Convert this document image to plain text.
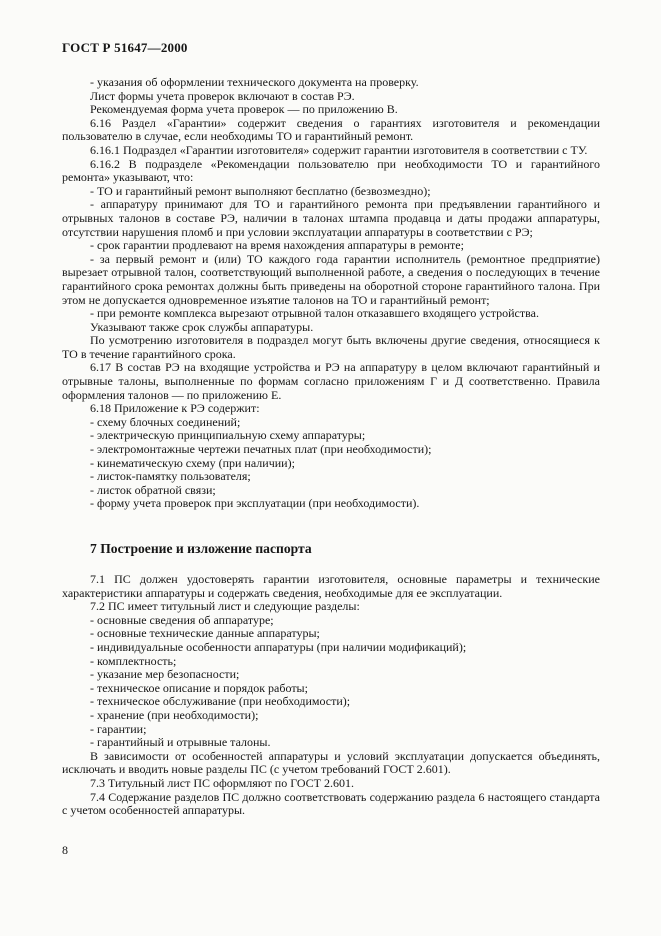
ГОСТ Р 51647—2000

- указания об оформлении технического документа на проверку.

Лист формы учета проверок включают в состав РЭ.

Рекомендуемая форма учета проверок — по приложению В.

6.16 Раздел «Гарантии» содержит сведения о гарантиях изготовителя и рекомендации пользователю в случае, если необходимы ТО и гарантийный ремонт.

6.16.1 Подраздел «Гарантии изготовителя» содержит гарантии изготовителя в соответствии с ТУ.

6.16.2 В подразделе «Рекомендации пользователю при необходимости ТО и гарантийного ремонта» указывают, что:

- ТО и гарантийный ремонт выполняют бесплатно (безвозмездно);

- аппаратуру принимают для ТО и гарантийного ремонта при предъявлении гарантийного и отрывных талонов в составе РЭ, наличии в талонах штампа продавца и даты продажи аппаратуры, отсутствии нарушения пломб и при условии эксплуатации аппаратуры в соответствии с РЭ;

- срок гарантии продлевают на время нахождения аппаратуры в ремонте;

- за первый ремонт и (или) ТО каждого года гарантии исполнитель (ремонтное предприятие) вырезает отрывной талон, соответствующий выполненной работе, а сведения о последующих в течение гарантийного срока ремонтах должны быть приведены на оборотной стороне гарантийного талона. При этом не допускается одновременное изъятие талонов на ТО и гарантийный ремонт;

- при ремонте комплекса вырезают отрывной талон отказавшего входящего устройства.

Указывают также срок службы аппаратуры.

По усмотрению изготовителя в подраздел могут быть включены другие сведения, относящиеся к ТО в течение гарантийного срока.

6.17 В состав РЭ на входящие устройства и РЭ на аппаратуру в целом включают гарантийный и отрывные талоны, выполненные по формам согласно приложениям Г и Д соответственно. Правила оформления талонов — по приложению Е.

6.18 Приложение к РЭ содержит:

- схему блочных соединений;

- электрическую принципиальную схему аппаратуры;

- электромонтажные чертежи печатных плат (при необходимости);

- кинематическую схему (при наличии);

- листок-памятку пользователя;

- листок обратной связи;

- форму учета проверок при эксплуатации (при необходимости).

7 Построение и изложение паспорта

7.1 ПС должен удостоверять гарантии изготовителя, основные параметры и технические характеристики аппаратуры и содержать сведения, необходимые для ее эксплуатации.

7.2 ПС имеет титульный лист и следующие разделы:

- основные сведения об аппаратуре;

- основные технические данные аппаратуры;

- индивидуальные особенности аппаратуры (при наличии модификаций);

- комплектность;

- указание мер безопасности;

- техническое описание и порядок работы;

- техническое обслуживание (при необходимости);

- хранение (при необходимости);

- гарантии;

- гарантийный и отрывные талоны.

В зависимости от особенностей аппаратуры и условий эксплуатации допускается объединять, исключать и вводить новые разделы ПС (с учетом требований ГОСТ 2.601).

7.3 Титульный лист ПС оформляют по ГОСТ 2.601.

7.4 Содержание разделов ПС должно соответствовать содержанию раздела 6 настоящего стандарта с учетом особенностей аппаратуры.

8
